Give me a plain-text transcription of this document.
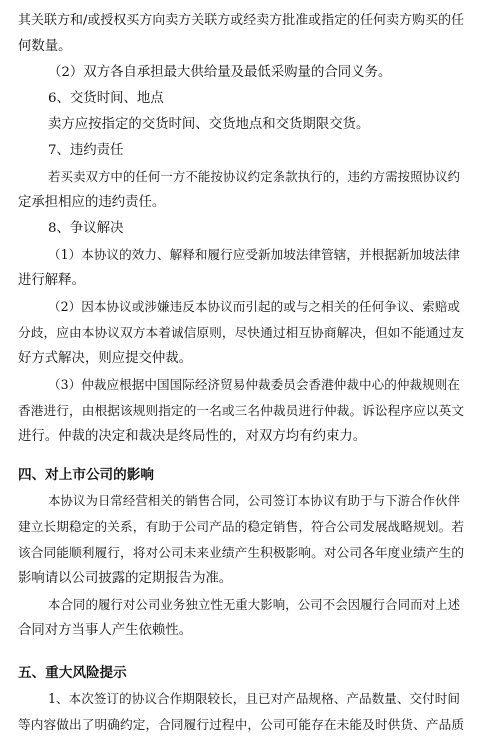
其关联方和/或授权买方向卖方关联方或经卖方批准或指定的任何卖方购买的任
何数量。
（2）双方各自承担最大供给量及最低采购量的合同义务。
6、交货时间、地点
卖方应按指定的交货时间、交货地点和交货期限交货。
7、违约责任
若买卖双方中的任何一方不能按协议约定条款执行的，违约方需按照协议约
定承担相应的违约责任。
8、争议解决
（1）本协议的效力、解释和履行应受新加坡法律管辖，并根据新加坡法律
进行解释。
（2）因本协议或涉嫌违反本协议而引起的或与之相关的任何争议、索赔或
分歧，应由本协议双方本着诚信原则，尽快通过相互协商解决，但如不能通过友
好方式解决，则应提交仲裁。
（3）仲裁应根据中国国际经济贸易仲裁委员会香港仲裁中心的仲裁规则在
香港进行，由根据该规则指定的一名或三名仲裁员进行仲裁。诉讼程序应以英文
进行。仲裁的决定和裁决是终局性的，对双方均有约束力。
四、对上市公司的影响
本协议为日常经营相关的销售合同，公司签订本协议有助于与下游合作伙伴
建立长期稳定的关系，有助于公司产品的稳定销售，符合公司发展战略规划。若
该合同能顺利履行，将对公司未来业绩产生积极影响。对公司各年度业绩产生的
影响请以公司披露的定期报告为准。
本合同的履行对公司业务独立性无重大影响，公司不会因履行合同而对上述
合同对方当事人产生依赖性。
五、重大风险提示
1、本次签订的协议合作期限较长，且已对产品规格、产品数量、交付时间
等内容做出了明确约定，合同履行过程中，公司可能存在未能及时供货、产品质
